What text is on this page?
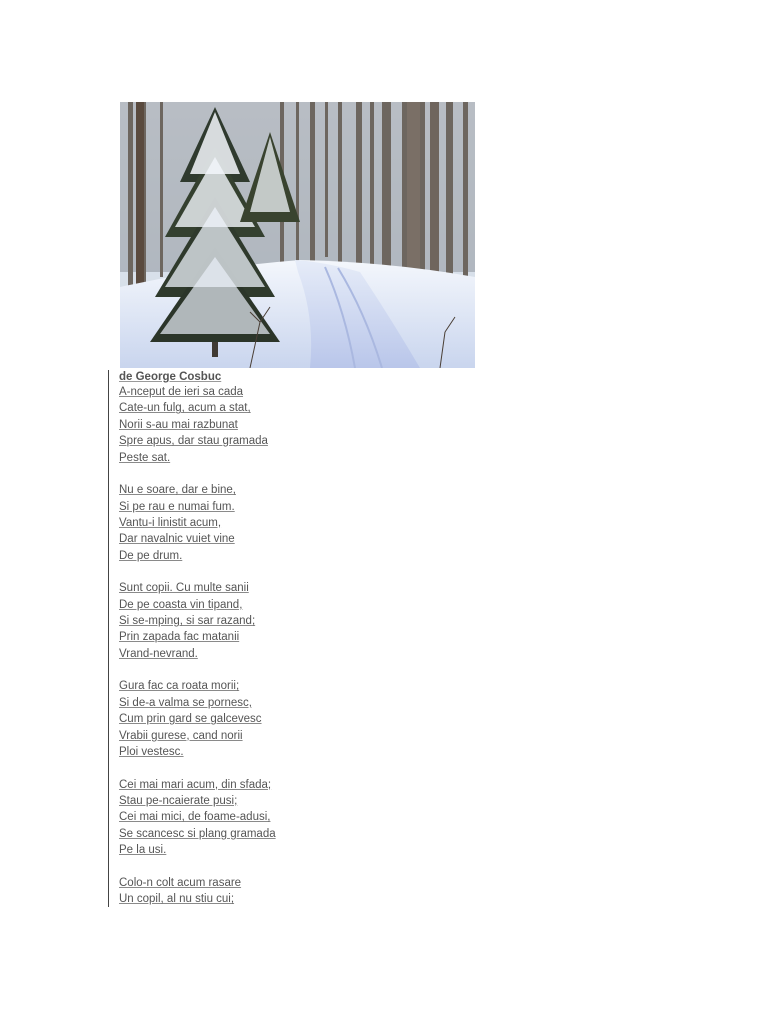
de George Cosbuc
A-nceput de ieri sa cada
Cate-un fulg, acum a stat,
Norii s-au mai razbunat
Spre apus, dar stau gramada
Peste sat.
Nu e soare, dar e bine,
Si pe rau e numai fum.
Vantu-i linistit acum,
Dar navalnic vuiet vine
De pe drum.
Sunt copii. Cu multe sanii
De pe coasta vin tipand,
Si se-mping, si sar razand;
Prin zapada fac matanii
Vrand-nevrand.
Gura fac ca roata morii;
Si de-a valma se pornesc,
Cum prin gard se galcevesc
Vrabii gurese, cand norii
Ploi vestesc.
Cei mai mari acum, din sfada;
Stau pe-ncaierate pusi;
Cei mai mici, de foame-adusi,
Se scancesc si plang gramada
Pe la usi.
Colo-n colt acum rasare
Un copil, al nu stiu cui;
